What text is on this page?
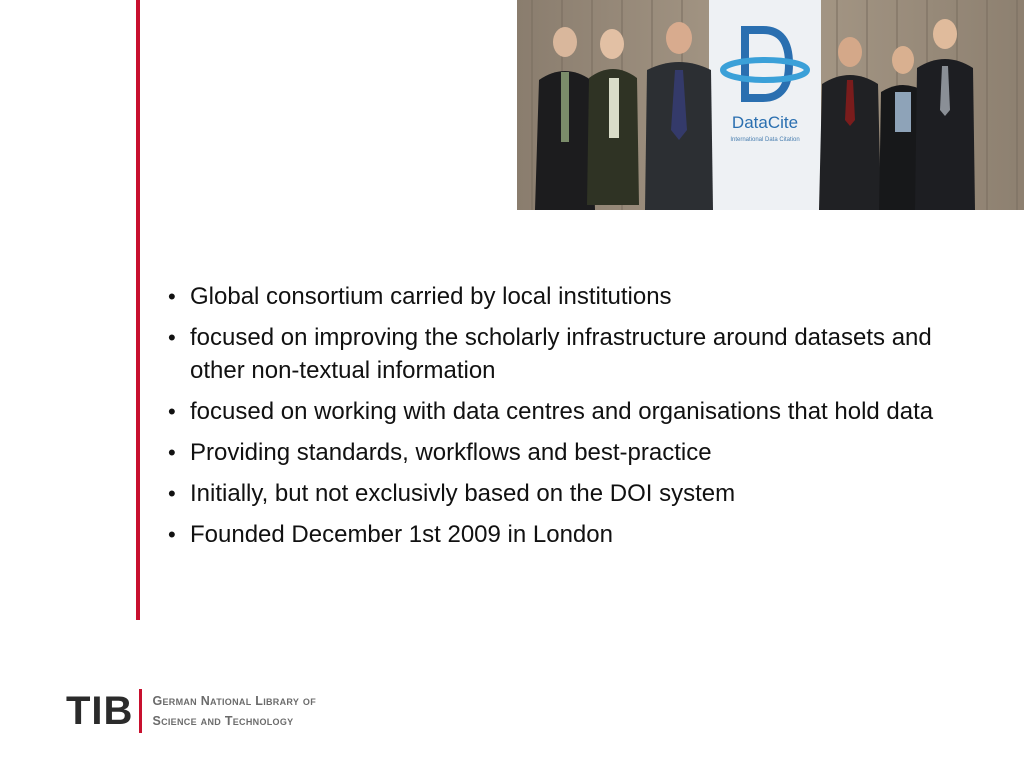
DataCite
International Data Citation
• Global consortium carried by local institutions
• focused on improving the scholarly infrastructure around datasets and other non-textual information
• focused on working with data centres and organisations that hold data
• Providing standards, workflows and best-practice
• Initially, but not exclusivly based on the DOI system
• Founded December 1st 2009 in London
TIB German National Library of
Science and Technology
